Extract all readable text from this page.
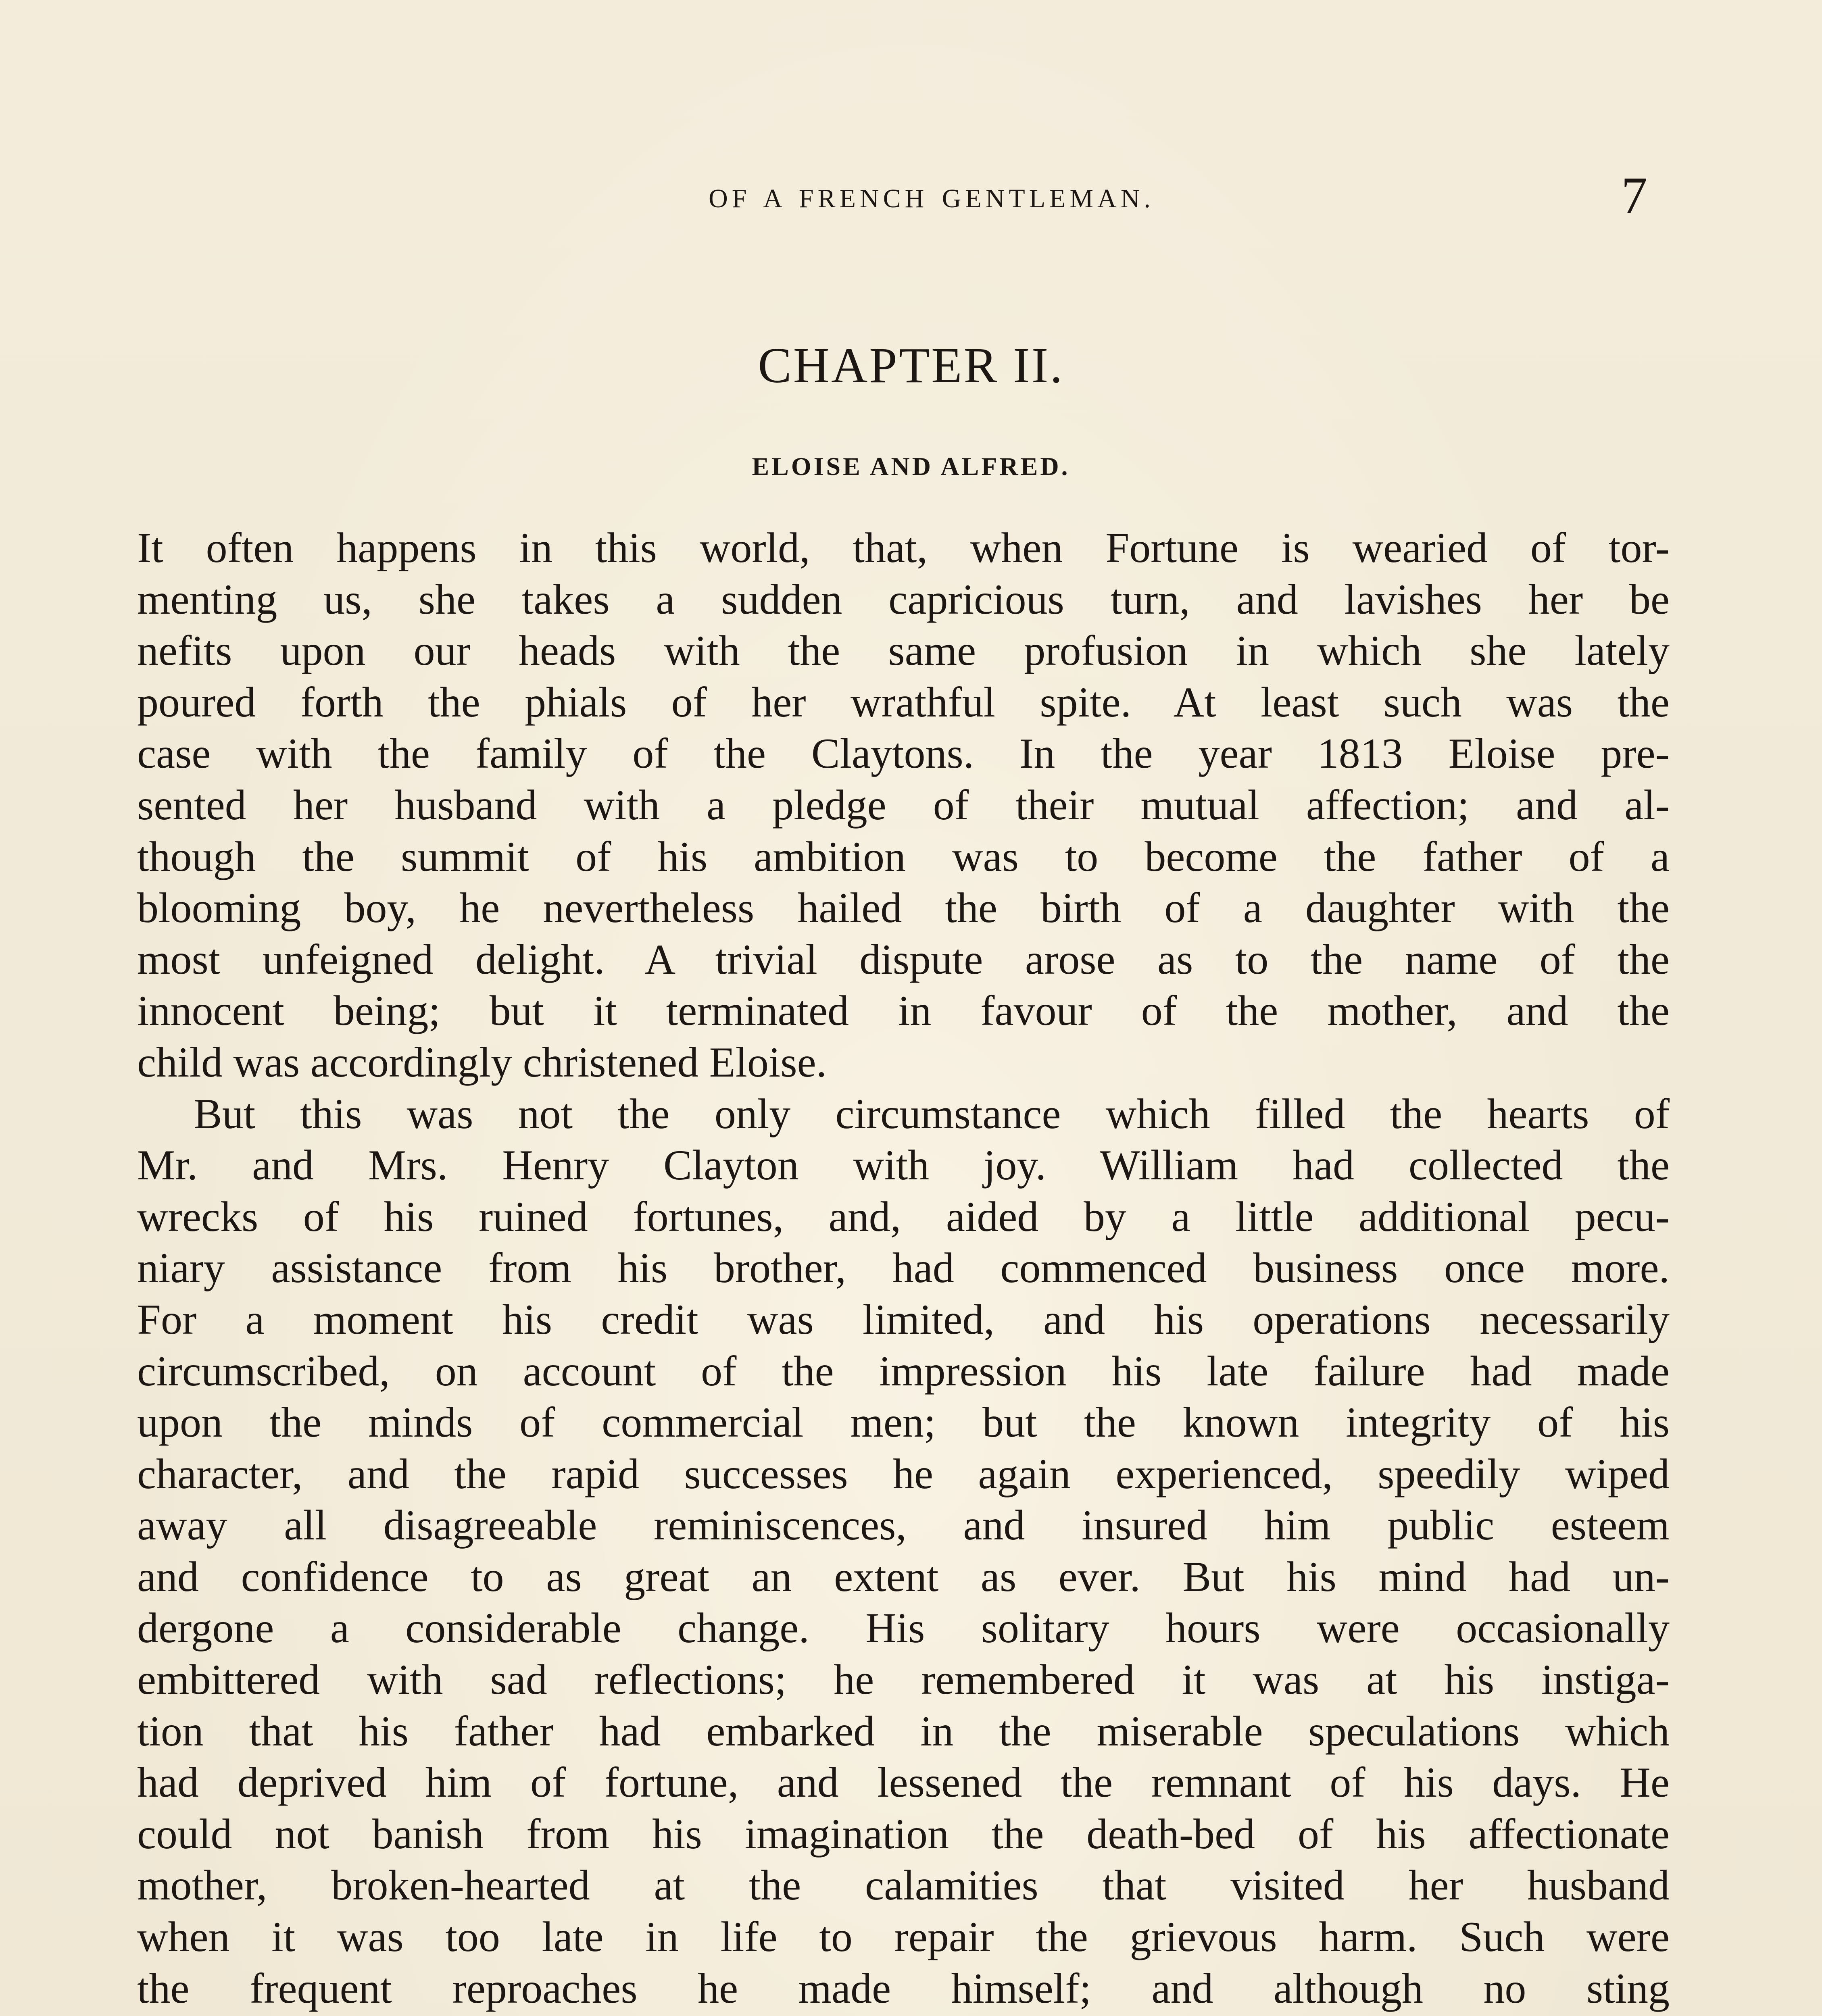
OF A FRENCH GENTLEMAN.	7
CHAPTER II.
ELOISE AND ALFRED.

It often happens in this world, that, when Fortune is wearied of tor-

menting us, she takes a sudden capricious turn, and lavishes her be

nefits upon our heads with the same profusion in which she lately

poured forth the phials of her wrathful spite. At least such was the

case with the family of the Claytons. In the year 1813 Eloise pre-

sented her husband with a pledge of their mutual affection; and al-

though the summit of his ambition was to become the father of a

blooming boy, he nevertheless hailed the birth of a daughter with the

most unfeigned delight. A trivial dispute arose as to the name of the

innocent being; but it terminated in favour of the mother, and the

child was accordingly christened Eloise.

But this was not the only circumstance which filled the hearts of

Mr. and Mrs. Henry Clayton with joy. William had collected the

wrecks of his ruined fortunes, and, aided by a little additional pecu-

niary assistance from his brother, had commenced business once more.

For a moment his credit was limited, and his operations necessarily

circumscribed, on account of the impression his late failure had made

upon the minds of commercial men; but the known integrity of his

character, and the rapid successes he again experienced, speedily wiped

away all disagreeable reminiscences, and insured him public esteem

and confidence to as great an extent as ever. But his mind had un-

dergone a considerable change. His solitary hours were occasionally

embittered with sad reflections; he remembered it was at his instiga-

tion that his father had embarked in the miserable speculations which

had deprived him of fortune, and lessened the remnant of his days. He

could not banish from his imagination the death-bed of his affectionate

mother, broken-hearted at the calamities that visited her husband

when it was too late in life to repair the grievous harm. Such were

the frequent reproaches he made himself; and although no sting
